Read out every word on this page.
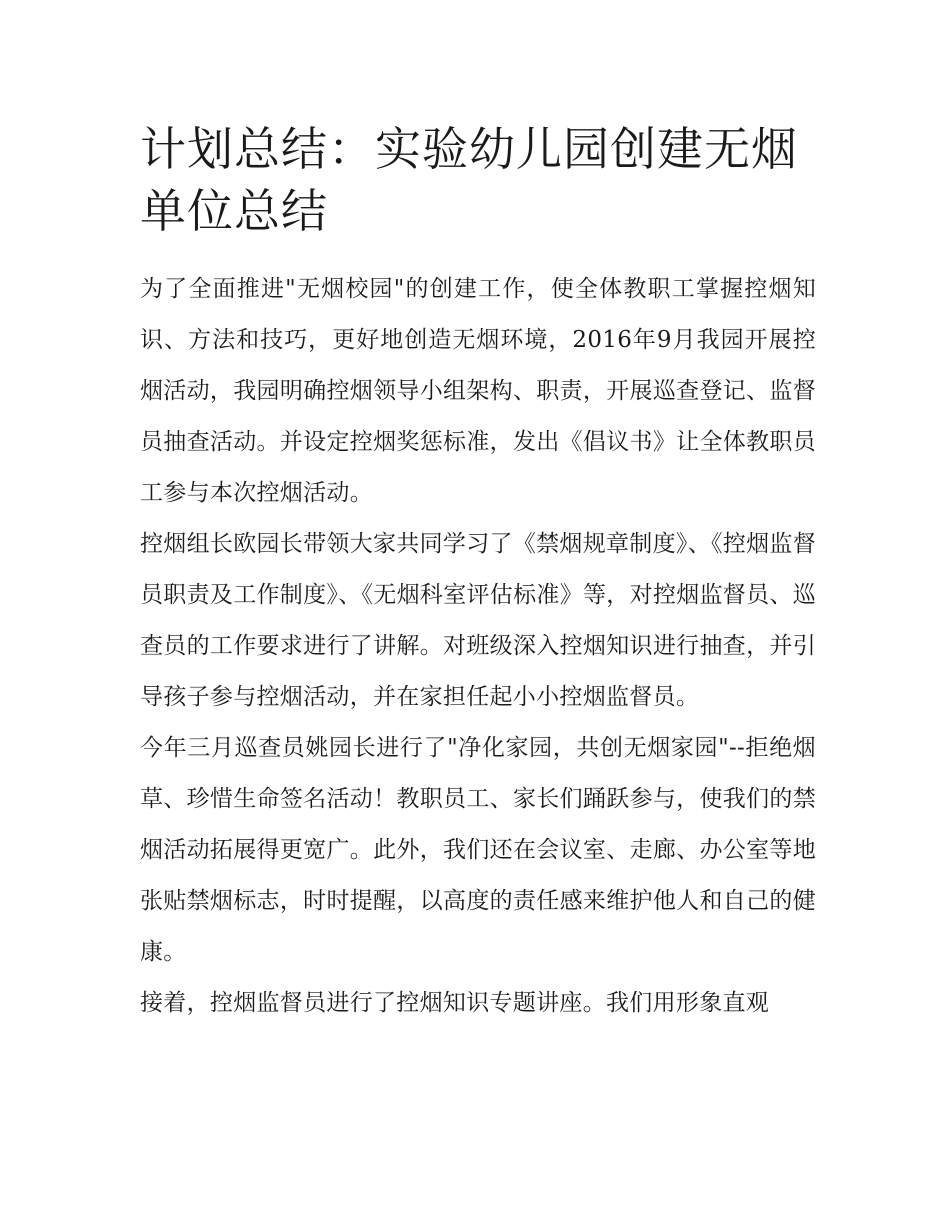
计划总结：实验幼儿园创建无烟单位总结

为了全面推进"无烟校园"的创建工作，使全体教职工掌握控烟知识、方法和技巧，更好地创造无烟环境，2016年9月我园开展控烟活动，我园明确控烟领导小组架构、职责，开展巡查登记、监督员抽查活动。并设定控烟奖惩标准，发出《倡议书》让全体教职员工参与本次控烟活动。

控烟组长欧园长带领大家共同学习了《禁烟规章制度》、《控烟监督员职责及工作制度》、《无烟科室评估标准》等，对控烟监督员、巡查员的工作要求进行了讲解。对班级深入控烟知识进行抽查，并引导孩子参与控烟活动，并在家担任起小小控烟监督员。

今年三月巡查员姚园长进行了"净化家园，共创无烟家园"--拒绝烟草、珍惜生命签名活动！教职员工、家长们踊跃参与，使我们的禁烟活动拓展得更宽广。此外，我们还在会议室、走廊、办公室等地张贴禁烟标志，时时提醒，以高度的责任感来维护他人和自己的健康。

接着，控烟监督员进行了控烟知识专题讲座。我们用形象直观
